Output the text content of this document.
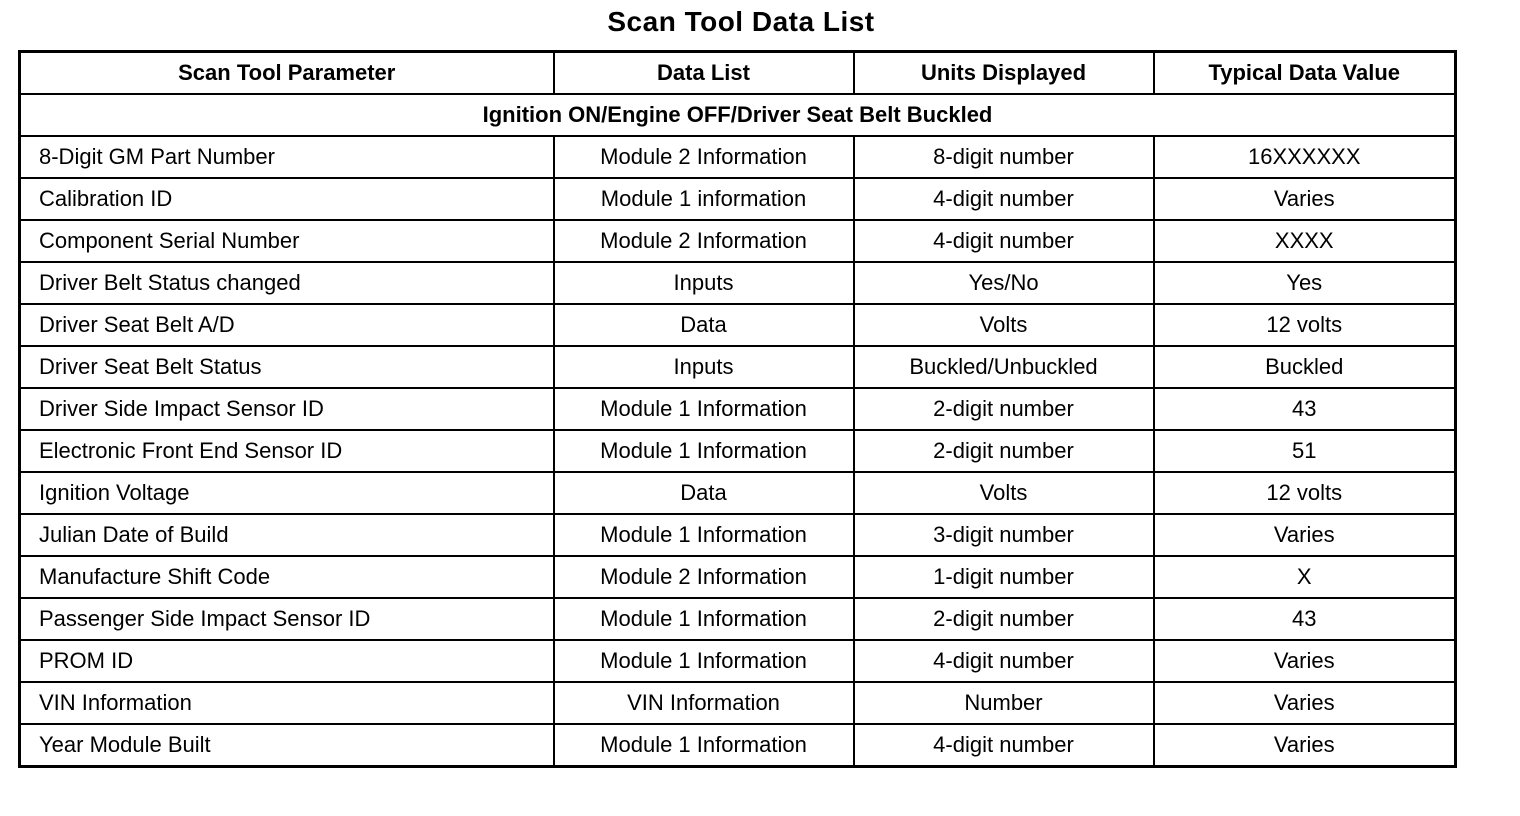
Scan Tool Data List
Scan Tool Parameter	Data List	Units Displayed	Typical Data Value
Ignition ON/Engine OFF/Driver Seat Belt Buckled			
8-Digit GM Part Number	Module 2 Information	8-digit number	16XXXXXX
Calibration ID	Module 1 information	4-digit number	Varies
Component Serial Number	Module 2 Information	4-digit number	XXXX
Driver Belt Status changed	Inputs	Yes/No	Yes
Driver Seat Belt A/D	Data	Volts	12 volts
Driver Seat Belt Status	Inputs	Buckled/Unbuckled	Buckled
Driver Side Impact Sensor ID	Module 1 Information	2-digit number	43
Electronic Front End Sensor ID	Module 1 Information	2-digit number	51
Ignition Voltage	Data	Volts	12 volts
Julian Date of Build	Module 1 Information	3-digit number	Varies
Manufacture Shift Code	Module 2 Information	1-digit number	X
Passenger Side Impact Sensor ID	Module 1 Information	2-digit number	43
PROM ID	Module 1 Information	4-digit number	Varies
VIN Information	VIN Information	Number	Varies
Year Module Built	Module 1 Information	4-digit number	Varies
